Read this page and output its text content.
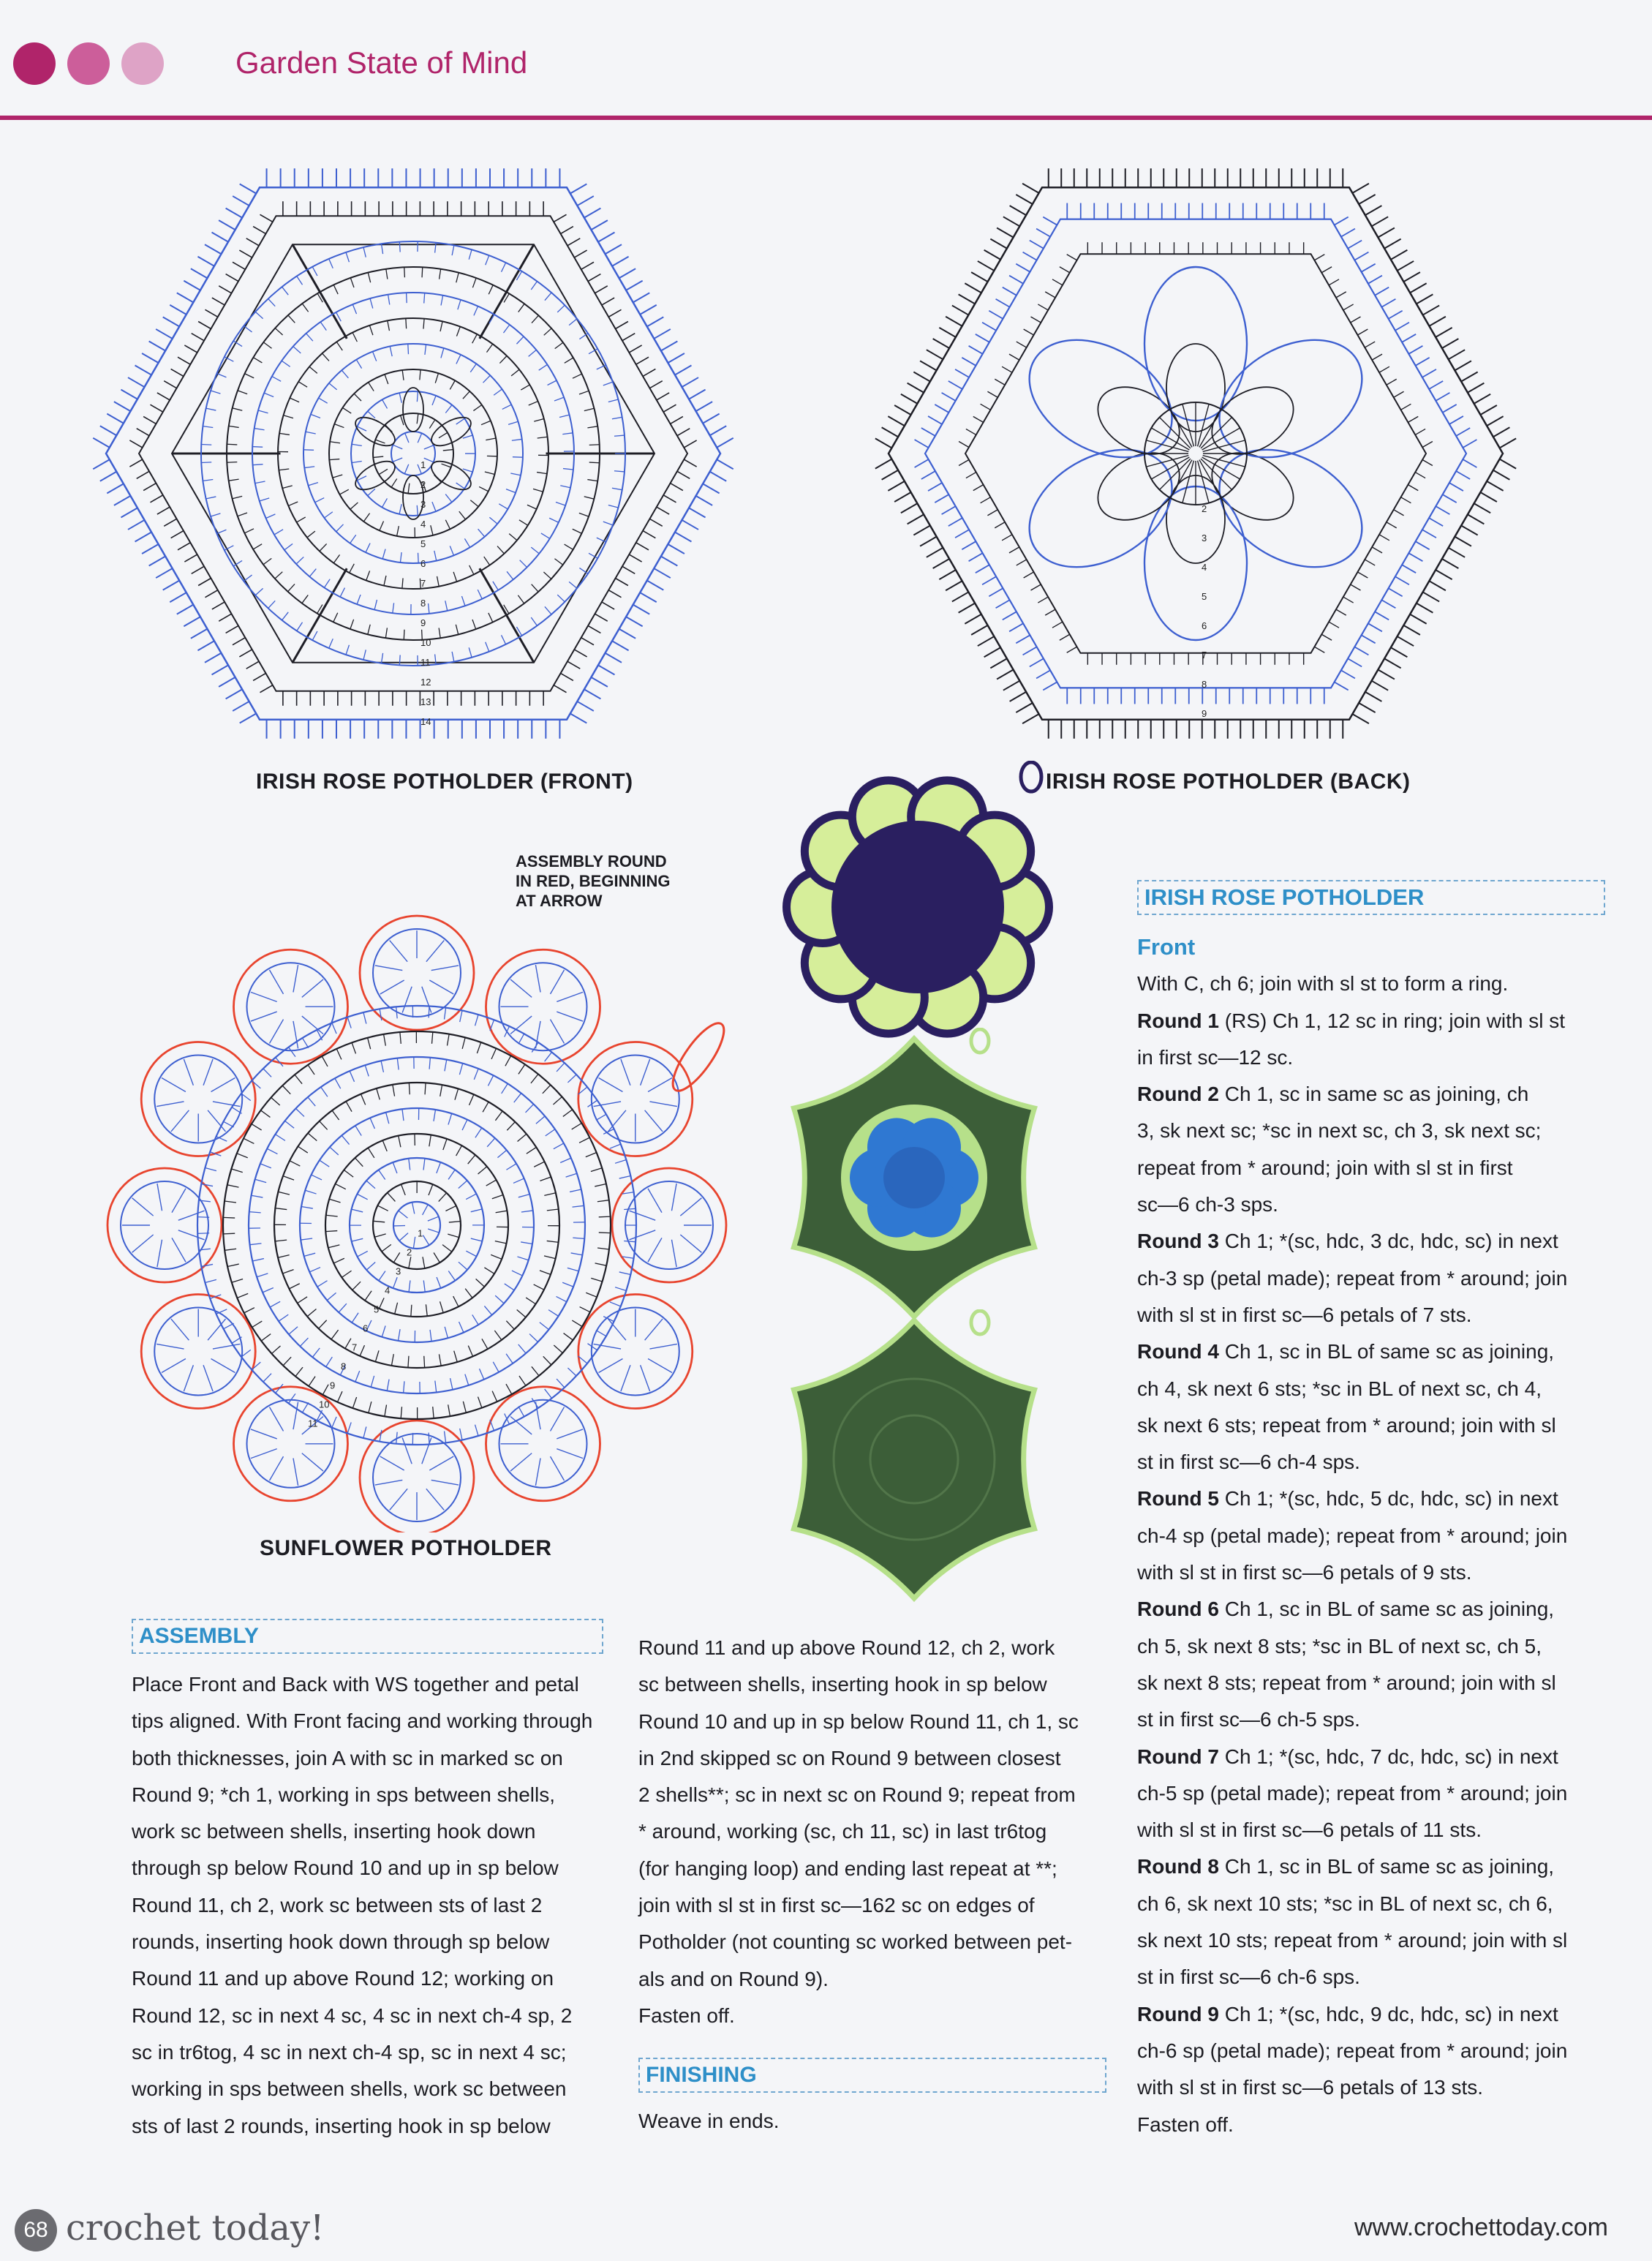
Garden State of Mind
1
2
3
4
5
6
7
8
9
10
11
12
13
14
IRISH ROSE POTHOLDER (FRONT)
2
3
4
5
6
7
8
9
IRISH ROSE POTHOLDER (BACK)
ASSEMBLY ROUND
IN RED, BEGINNING
AT ARROW
1
2
3
4
5
6
7
8
9
10
11
SUNFLOWER POTHOLDER
ASSEMBLY
Place Front and Back with WS together and petal
tips aligned. With Front facing and working through
both thicknesses, join A with sc in marked sc on
Round 9; *ch 1, working in sps between shells,
work sc between shells, inserting hook down
through sp below Round 10 and up in sp below
Round 11, ch 2, work sc between sts of last 2
rounds, inserting hook down through sp below
Round 11 and up above Round 12; working on
Round 12, sc in next 4 sc, 4 sc in next ch-4 sp, 2
sc in tr6tog, 4 sc in next ch-4 sp, sc in next 4 sc;
working in sps between shells, work sc between
sts of last 2 rounds, inserting hook in sp below
Round 11 and up above Round 12, ch 2, work
sc between shells, inserting hook in sp below
Round 10 and up in sp below Round 11, ch 1, sc
in 2nd skipped sc on Round 9 between closest
2 shells**; sc in next sc on Round 9; repeat from
* around, working (sc, ch 11, sc) in last tr6tog
(for hanging loop) and ending last repeat at **;
join with sl st in first sc—162 sc on edges of
Potholder (not counting sc worked between pet-
als and on Round 9).
Fasten off.
FINISHING
Weave in ends.
IRISH ROSE POTHOLDER
Front
With C, ch 6; join with sl st to form a ring.
Round 1 (RS) Ch 1, 12 sc in ring; join with sl st
in first sc—12 sc.
Round 2 Ch 1, sc in same sc as joining, ch
3, sk next sc; *sc in next sc, ch 3, sk next sc;
repeat from * around; join with sl st in first
sc—6 ch-3 sps.
Round 3 Ch 1; *(sc, hdc, 3 dc, hdc, sc) in next
ch-3 sp (petal made); repeat from * around; join
with sl st in first sc—6 petals of 7 sts.
Round 4 Ch 1, sc in BL of same sc as joining,
ch 4, sk next 6 sts; *sc in BL of next sc, ch 4,
sk next 6 sts; repeat from * around; join with sl
st in first sc—6 ch-4 sps.
Round 5 Ch 1; *(sc, hdc, 5 dc, hdc, sc) in next
ch-4 sp (petal made); repeat from * around; join
with sl st in first sc—6 petals of 9 sts.
Round 6 Ch 1, sc in BL of same sc as joining,
ch 5, sk next 8 sts; *sc in BL of next sc, ch 5,
sk next 8 sts; repeat from * around; join with sl
st in first sc—6 ch-5 sps.
Round 7 Ch 1; *(sc, hdc, 7 dc, hdc, sc) in next
ch-5 sp (petal made); repeat from * around; join
with sl st in first sc—6 petals of 11 sts.
Round 8 Ch 1, sc in BL of same sc as joining,
ch 6, sk next 10 sts; *sc in BL of next sc, ch 6,
sk next 10 sts; repeat from * around; join with sl
st in first sc—6 ch-6 sps.
Round 9 Ch 1; *(sc, hdc, 9 dc, hdc, sc) in next
ch-6 sp (petal made); repeat from * around; join
with sl st in first sc—6 petals of 13 sts.
Fasten off.
68 crochet today!	www.crochettoday.com
